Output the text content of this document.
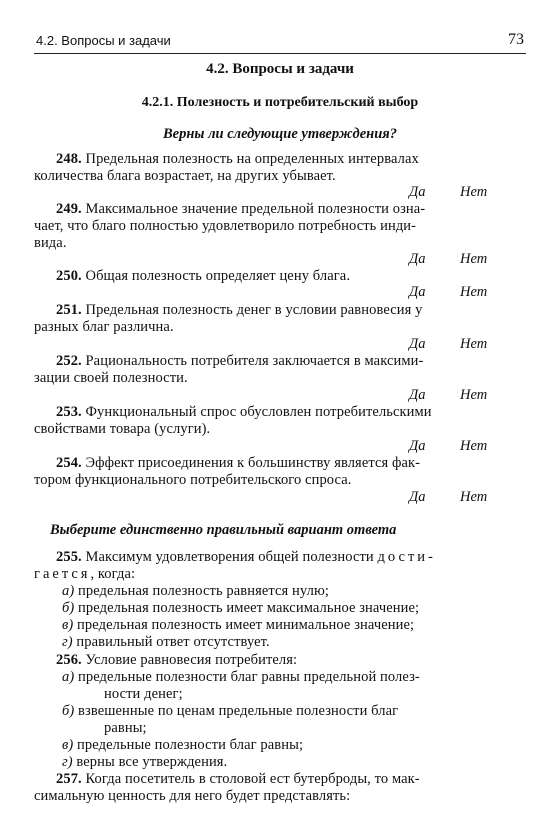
4.2. Вопросы и задачи	73
4.2. Вопросы и задачи
4.2.1. Полезность и потребительский выбор
Верны ли следующие утверждения?
248. Предельная полезность на определенных интервалах
количества блага возрастает, на других убывает.
Да Нет
249. Максимальное значение предельной полезности озна-
чает, что благо полностью удовлетворило потребность инди-
вида.
Да Нет
250. Общая полезность определяет цену блага.
Да Нет
251. Предельная полезность денег в условии равновесия у
разных благ различна.
Да Нет
252. Рациональность потребителя заключается в максими-
зации своей полезности.
Да Нет
253. Функциональный спрос обусловлен потребительскими
свойствами товара (услуги).
Да Нет
254. Эффект присоединения к большинству является фак-
тором функционального потребительского спроса.
Да Нет
Выберите единственно правильный вариант ответа
255. Максимум удовлетворения общей полезности дости-
гается, когда:
а) предельная полезность равняется нулю;
б) предельная полезность имеет максимальное значение;
в) предельная полезность имеет минимальное значение;
г) правильный ответ отсутствует.
256. Условие равновесия потребителя:
а) предельные полезности благ равны предельной полез-
ности денег;
б) взвешенные по ценам предельные полезности благ
равны;
в) предельные полезности благ равны;
г) верны все утверждения.
257. Когда посетитель в столовой ест бутерброды, то мак-
симальную ценность для него будет представлять:
